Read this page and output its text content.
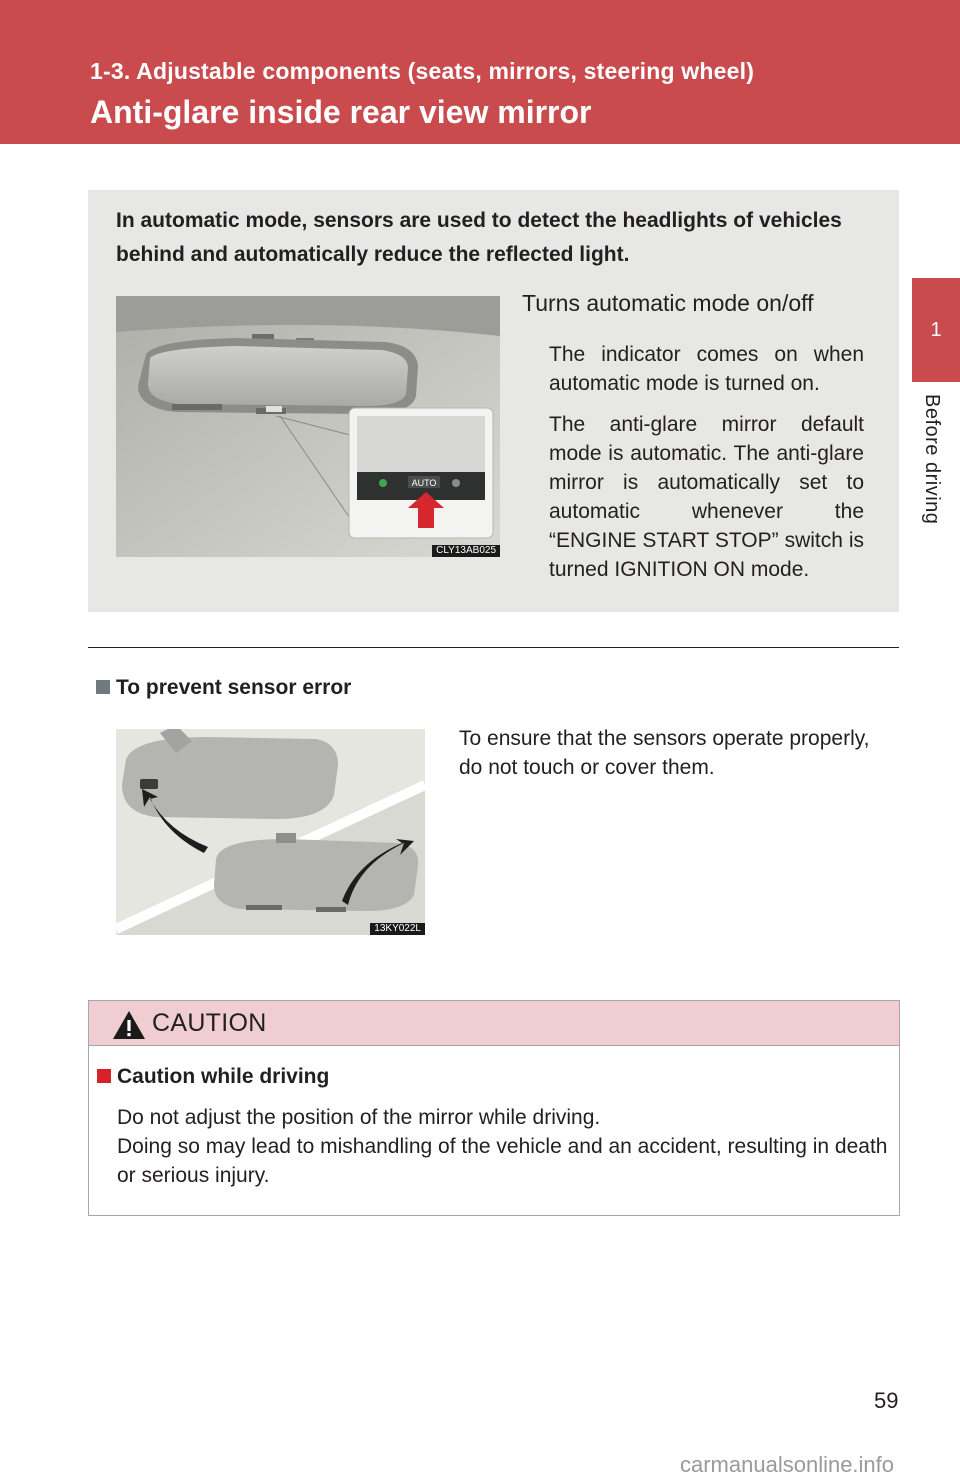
1-3. Adjustable components (seats, mirrors, steering wheel)
Anti-glare inside rear view mirror
1
Before driving
In automatic mode, sensors are used to detect the headlights of vehicles behind and automatically reduce the reflected light.
AUTO
CLY13AB025
Turns automatic mode on/off
The indicator comes on when automatic mode is turned on.
The anti-glare mirror default mode is automatic. The anti-glare mirror is automatically set to automatic whenever the “ENGINE START STOP” switch is turned IGNITION ON mode.
To prevent sensor error
13KY022L
To ensure that the sensors operate properly, do not touch or cover them.
CAUTION
Caution while driving
Do not adjust the position of the mirror while driving.
Doing so may lead to mishandling of the vehicle and an accident, resulting in death or serious injury.
59
carmanualsonline.info
